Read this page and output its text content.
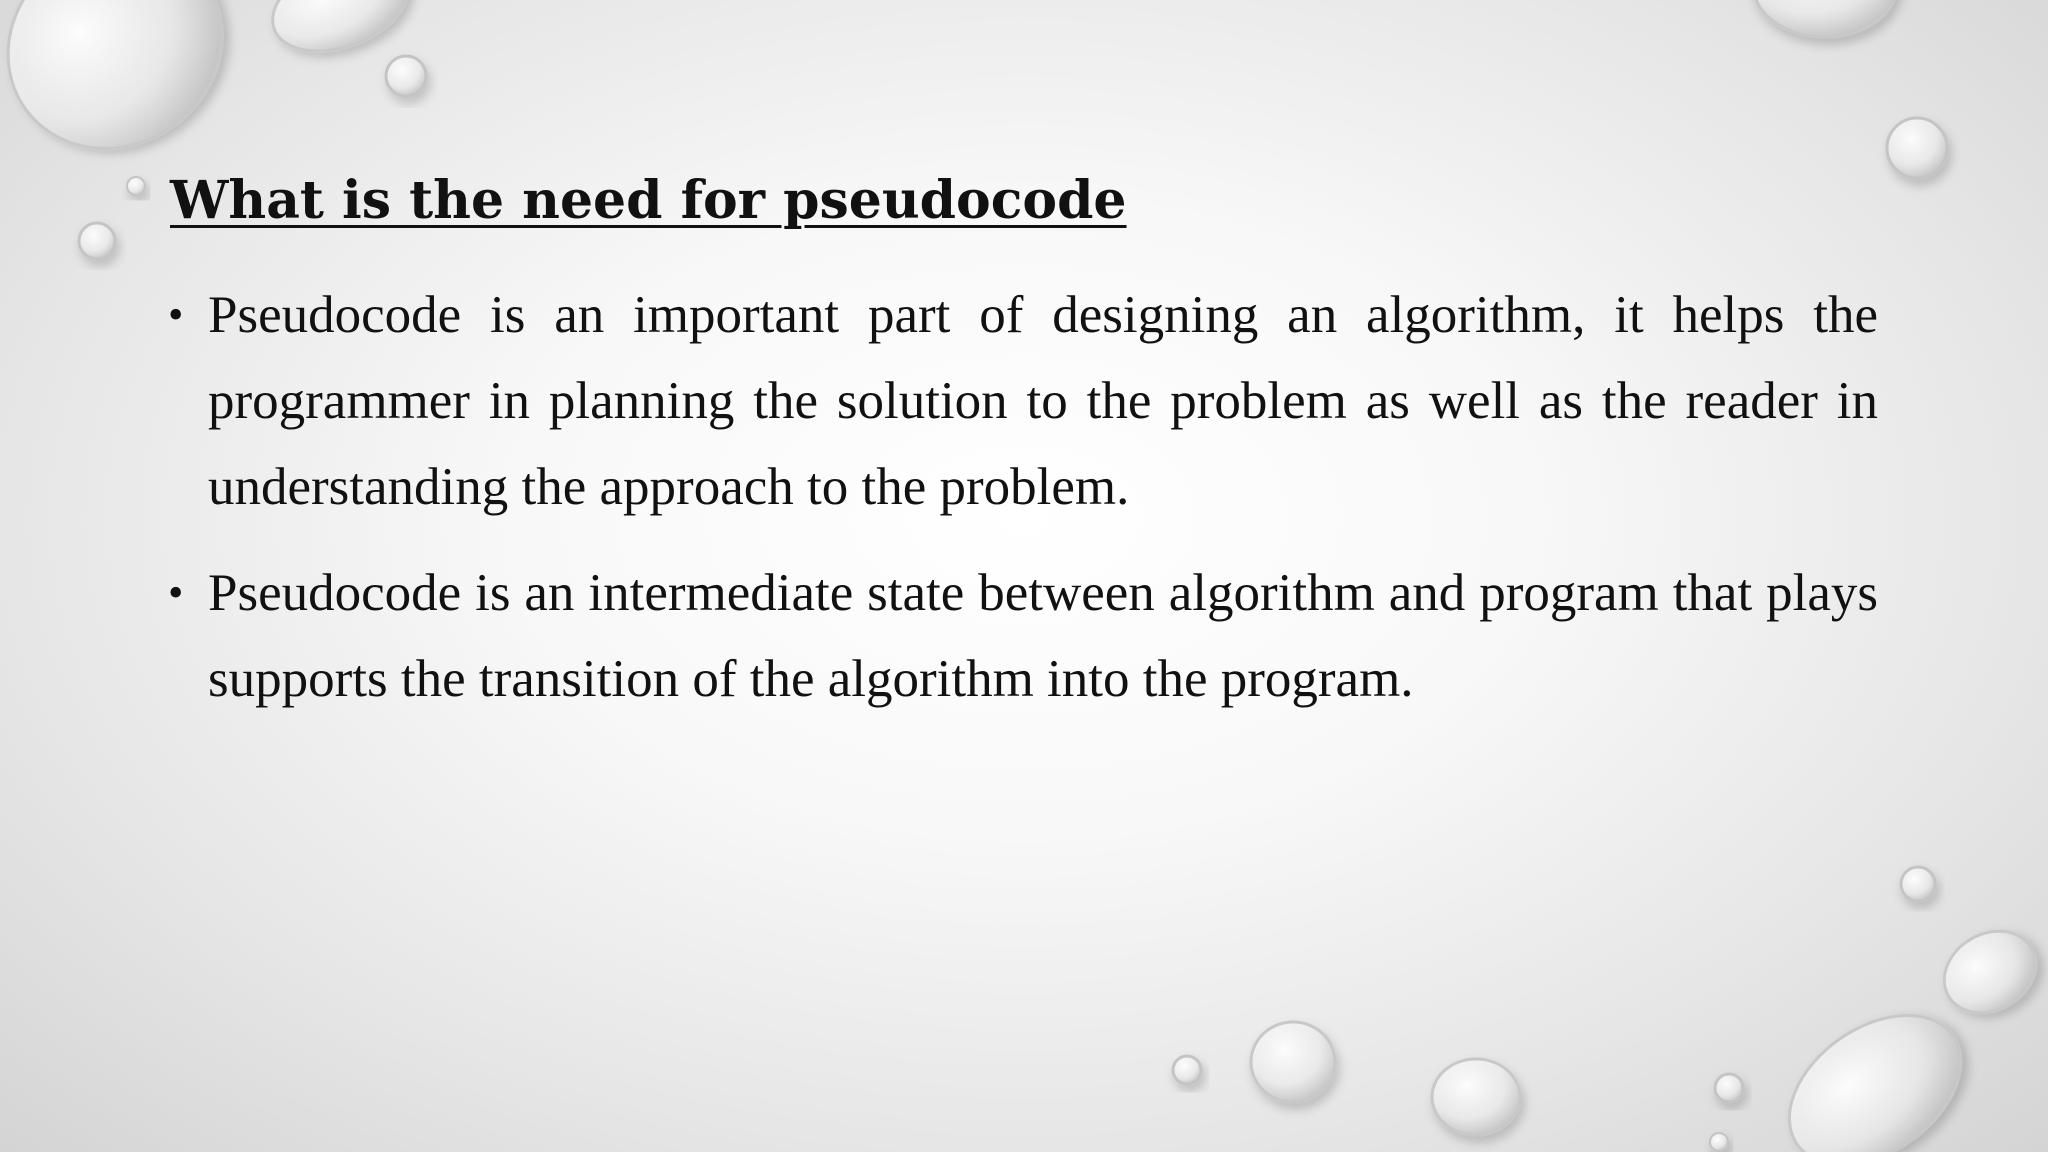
What is the need for pseudocode
• Pseudocode is an important part of designing an algorithm, it helps the programmer in planning the solution to the problem as well as the reader in understanding the approach to the problem.
• Pseudocode is an intermediate state between algorithm and program that plays supports the transition of the algorithm into the program.
